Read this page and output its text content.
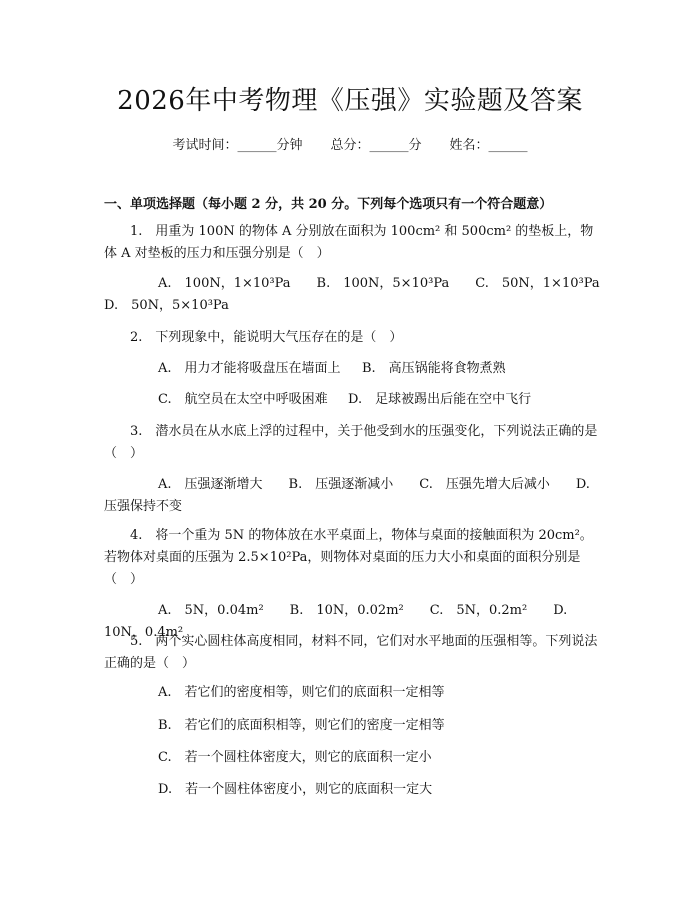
2026年中考物理《压强》实验题及答案
考试时间：______分钟 总分：______分 姓名：______
一、单项选择题（每小题 2 分，共 20 分。下列每个选项只有一个符合题意）
1.　用重为 100N 的物体 A 分别放在面积为 100cm² 和 500cm² 的垫板上，物体 A 对垫板的压力和压强分别是（　）
A.　100N，1×10³Pa　　B.　100N，5×10³Pa　　C.　50N，1×10³Pa　　D.　50N，5×10³Pa
2.　下列现象中，能说明大气压存在的是（　）
A.　用力才能将吸盘压在墙面上 B.　高压锅能将食物煮熟
C.　航空员在太空中呼吸困难 D.　足球被踢出后能在空中飞行
3.　潜水员在从水底上浮的过程中，关于他受到水的压强变化，下列说法正确的是（　）
A.　压强逐渐增大　　B.　压强逐渐减小　　C.　压强先增大后减小　　D.　压强保持不变
4.　将一个重为 5N 的物体放在水平桌面上，物体与桌面的接触面积为 20cm²。若物体对桌面的压强为 2.5×10²Pa，则物体对桌面的压力大小和桌面的面积分别是（　）
A.　5N，0.04m²　　B.　10N，0.02m²　　C.　5N，0.2m²　　D.　10N，0.4m²
5.　两个实心圆柱体高度相同，材料不同，它们对水平地面的压强相等。下列说法正确的是（　）
A.　若它们的密度相等，则它们的底面积一定相等
B.　若它们的底面积相等，则它们的密度一定相等
C.　若一个圆柱体密度大，则它的底面积一定小
D.　若一个圆柱体密度小，则它的底面积一定大
